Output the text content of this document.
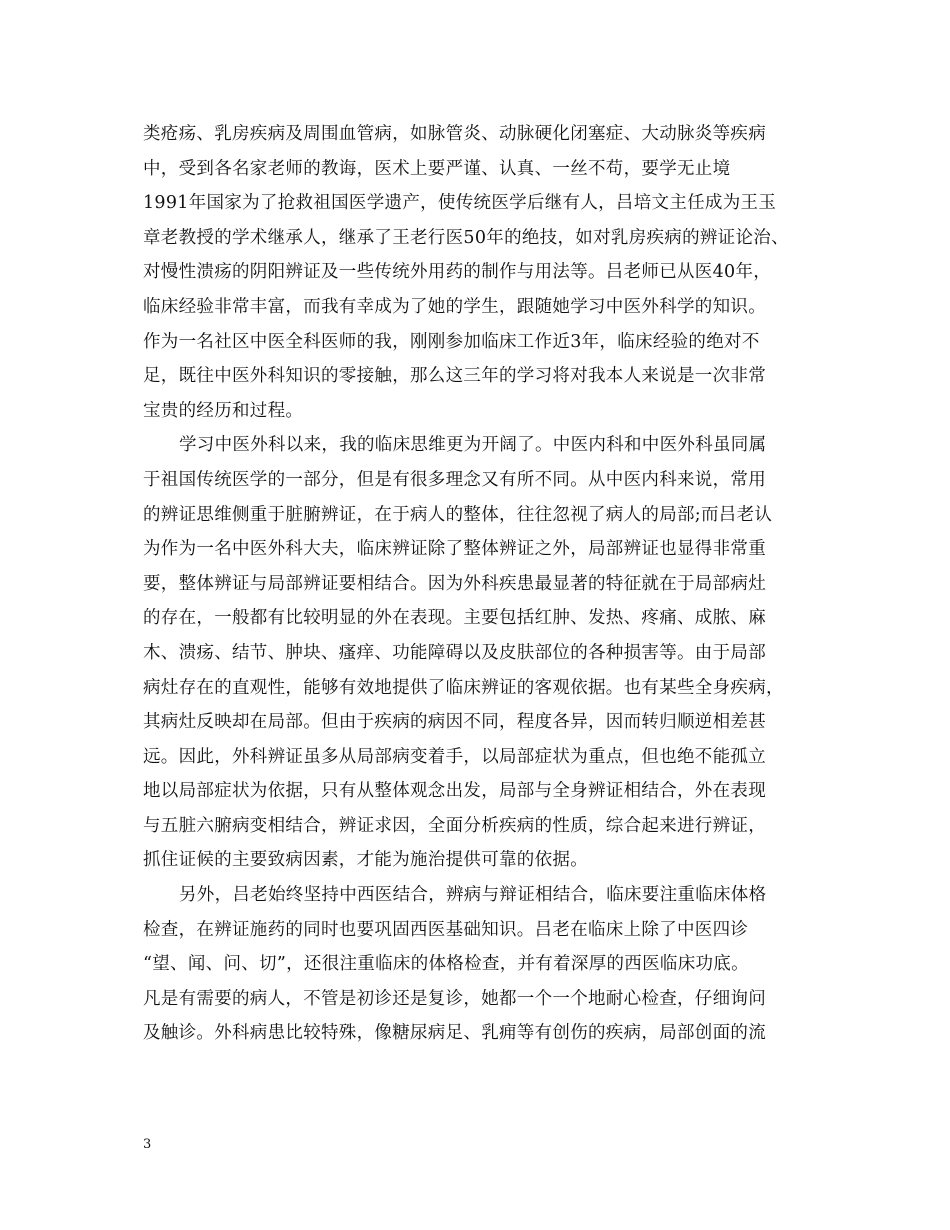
类疮疡、乳房疾病及周围血管病，如脉管炎、动脉硬化闭塞症、大动脉炎等疾病
中，受到各名家老师的教诲，医术上要严谨、认真、一丝不苟，要学无止境
1991年国家为了抢救祖国医学遗产，使传统医学后继有人，吕培文主任成为王玉
章老教授的学术继承人，继承了王老行医50年的绝技，如对乳房疾病的辨证论治、
对慢性溃疡的阴阳辨证及一些传统外用药的制作与用法等。吕老师已从医40年，
临床经验非常丰富，而我有幸成为了她的学生，跟随她学习中医外科学的知识。
作为一名社区中医全科医师的我，刚刚参加临床工作近3年，临床经验的绝对不
足，既往中医外科知识的零接触，那么这三年的学习将对我本人来说是一次非常
宝贵的经历和过程。
学习中医外科以来，我的临床思维更为开阔了。中医内科和中医外科虽同属
于祖国传统医学的一部分，但是有很多理念又有所不同。从中医内科来说，常用
的辨证思维侧重于脏腑辨证，在于病人的整体，往往忽视了病人的局部;而吕老认
为作为一名中医外科大夫，临床辨证除了整体辨证之外，局部辨证也显得非常重
要，整体辨证与局部辨证要相结合。因为外科疾患最显著的特征就在于局部病灶
的存在，一般都有比较明显的外在表现。主要包括红肿、发热、疼痛、成脓、麻
木、溃疡、结节、肿块、瘙痒、功能障碍以及皮肤部位的各种损害等。由于局部
病灶存在的直观性，能够有效地提供了临床辨证的客观依据。也有某些全身疾病，
其病灶反映却在局部。但由于疾病的病因不同，程度各异，因而转归顺逆相差甚
远。因此，外科辨证虽多从局部病变着手，以局部症状为重点，但也绝不能孤立
地以局部症状为依据，只有从整体观念出发，局部与全身辨证相结合，外在表现
与五脏六腑病变相结合，辨证求因，全面分析疾病的性质，综合起来进行辨证，
抓住证候的主要致病因素，才能为施治提供可靠的依据。
另外，吕老始终坚持中西医结合，辨病与辩证相结合，临床要注重临床体格
检查，在辨证施药的同时也要巩固西医基础知识。吕老在临床上除了中医四诊
“望、闻、问、切”，还很注重临床的体格检查，并有着深厚的西医临床功底。
凡是有需要的病人，不管是初诊还是复诊，她都一个一个地耐心检查，仔细询问
及触诊。外科病患比较特殊，像糖尿病足、乳痈等有创伤的疾病，局部创面的流
3
